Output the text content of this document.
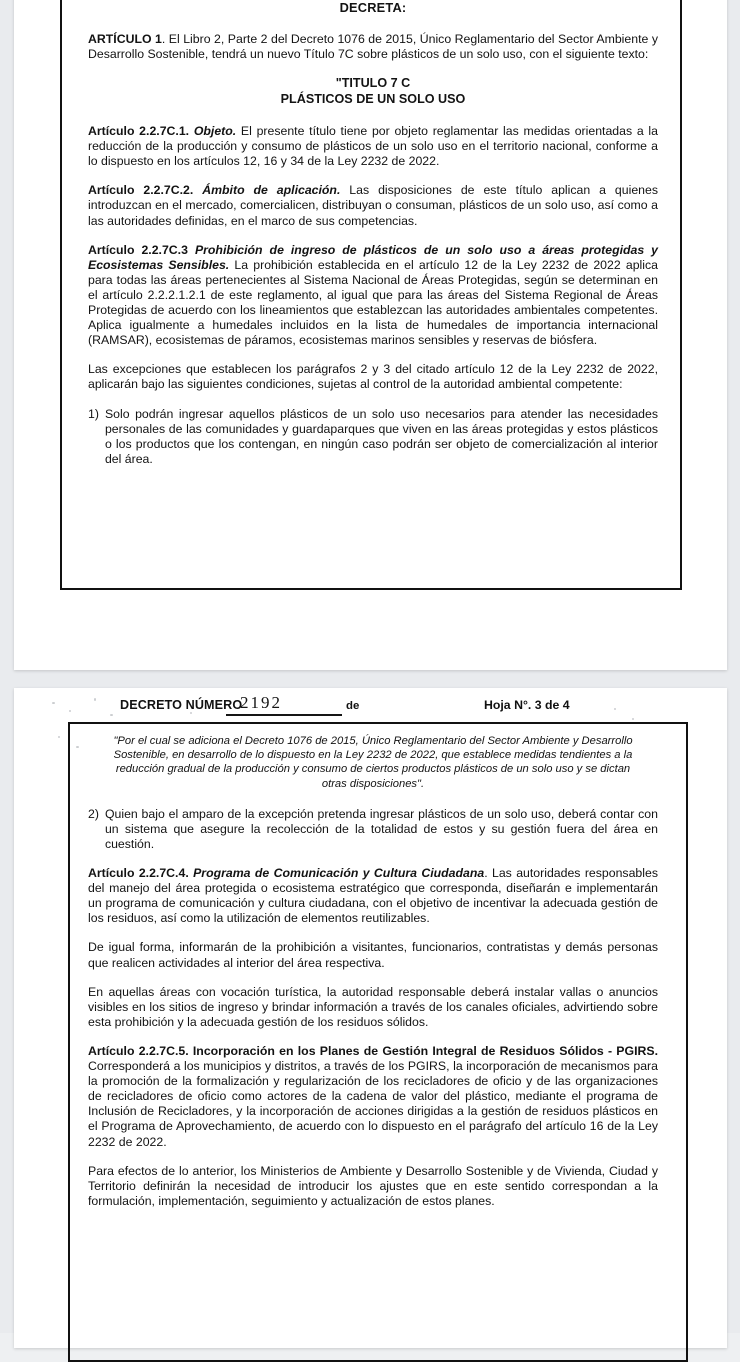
DECRETA:

ARTÍCULO 1. El Libro 2, Parte 2 del Decreto 1076 de 2015, Único Reglamentario del Sector Ambiente y Desarrollo Sostenible, tendrá un nuevo Título 7C sobre plásticos de un solo uso, con el siguiente texto:

"TITULO 7 C
PLÁSTICOS DE UN SOLO USO

Artículo 2.2.7C.1. Objeto. El presente título tiene por objeto reglamentar las medidas orientadas a la reducción de la producción y consumo de plásticos de un solo uso en el territorio nacional, conforme a lo dispuesto en los artículos 12, 16 y 34 de la Ley 2232 de 2022.

Artículo 2.2.7C.2. Ámbito de aplicación. Las disposiciones de este título aplican a quienes introduzcan en el mercado, comercialicen, distribuyan o consuman, plásticos de un solo uso, así como a las autoridades definidas, en el marco de sus competencias.

Artículo 2.2.7C.3 Prohibición de ingreso de plásticos de un solo uso a áreas protegidas y Ecosistemas Sensibles. La prohibición establecida en el artículo 12 de la Ley 2232 de 2022 aplica para todas las áreas pertenecientes al Sistema Nacional de Áreas Protegidas, según se determinan en el artículo 2.2.2.1.2.1 de este reglamento, al igual que para las áreas del Sistema Regional de Áreas Protegidas de acuerdo con los lineamientos que establezcan las autoridades ambientales competentes. Aplica igualmente a humedales incluidos en la lista de humedales de importancia internacional (RAMSAR), ecosistemas de páramos, ecosistemas marinos sensibles y reservas de biósfera.

Las excepciones que establecen los parágrafos 2 y 3 del citado artículo 12 de la Ley 2232 de 2022, aplicarán bajo las siguientes condiciones, sujetas al control de la autoridad ambiental competente:

1) Solo podrán ingresar aquellos plásticos de un solo uso necesarios para atender las necesidades personales de las comunidades y guardaparques que viven en las áreas protegidas y estos plásticos o los productos que los contengan, en ningún caso podrán ser objeto de comercialización al interior del área.
DECRETO NÚMERO
2192	de	Hoja N°. 3 de 4
"Por el cual se adiciona el Decreto 1076 de 2015, Único Reglamentario del Sector Ambiente y Desarrollo Sostenible, en desarrollo de lo dispuesto en la Ley 2232 de 2022, que establece medidas tendientes a la reducción gradual de la producción y consumo de ciertos productos plásticos de un solo uso y se dictan otras disposiciones".
2) Quien bajo el amparo de la excepción pretenda ingresar plásticos de un solo uso, deberá contar con un sistema que asegure la recolección de la totalidad de estos y su gestión fuera del área en cuestión.

Artículo 2.2.7C.4. Programa de Comunicación y Cultura Ciudadana. Las autoridades responsables del manejo del área protegida o ecosistema estratégico que corresponda, diseñarán e implementarán un programa de comunicación y cultura ciudadana, con el objetivo de incentivar la adecuada gestión de los residuos, así como la utilización de elementos reutilizables.

De igual forma, informarán de la prohibición a visitantes, funcionarios, contratistas y demás personas que realicen actividades al interior del área respectiva.

En aquellas áreas con vocación turística, la autoridad responsable deberá instalar vallas o anuncios visibles en los sitios de ingreso y brindar información a través de los canales oficiales, advirtiendo sobre esta prohibición y la adecuada gestión de los residuos sólidos.

Artículo 2.2.7C.5. Incorporación en los Planes de Gestión Integral de Residuos Sólidos - PGIRS. Corresponderá a los municipios y distritos, a través de los PGIRS, la incorporación de mecanismos para la promoción de la formalización y regularización de los recicladores de oficio y de las organizaciones de recicladores de oficio como actores de la cadena de valor del plástico, mediante el programa de Inclusión de Recicladores, y la incorporación de acciones dirigidas a la gestión de residuos plásticos en el Programa de Aprovechamiento, de acuerdo con lo dispuesto en el parágrafo del artículo 16 de la Ley 2232 de 2022.

Para efectos de lo anterior, los Ministerios de Ambiente y Desarrollo Sostenible y de Vivienda, Ciudad y Territorio definirán la necesidad de introducir los ajustes que en este sentido correspondan a la formulación, implementación, seguimiento y actualización de estos planes.
